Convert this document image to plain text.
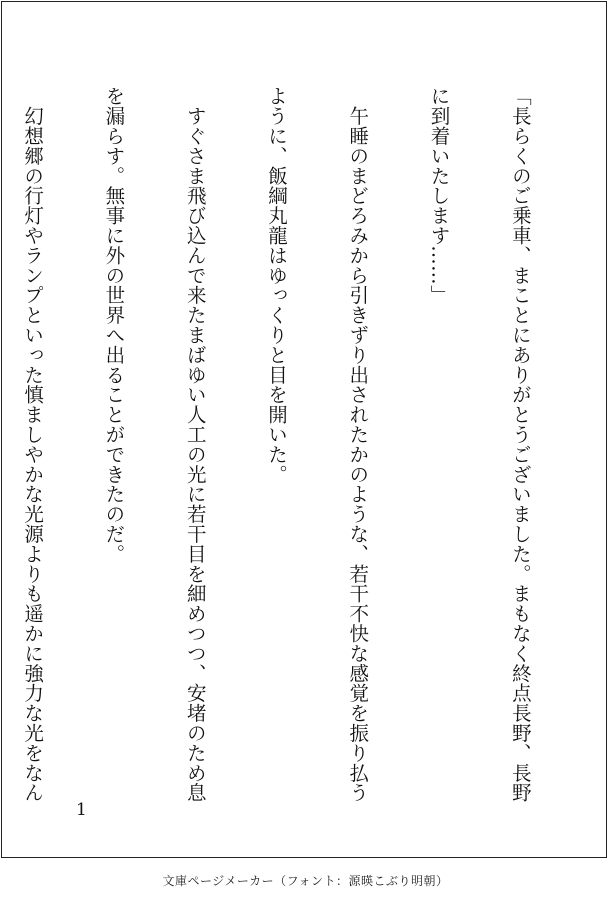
「長らくのご乗車、まことにありがとうございました。まもなく終点長野、長野

に到着いたします……」

　午睡のまどろみから引きずり出されたかのような、若干不快な感覚を振り払う

ように、飯綱丸龍はゆっくりと目を開いた。

　すぐさま飛び込んで来たまばゆい人工の光に若干目を細めつつ、安堵のため息

を漏らす。無事に外の世界へ出ることができたのだ。

　幻想郷の行灯やランプといった慎ましやかな光源よりも遥かに強力な光をなん

1
文庫ページメーカー（フォント：源暎こぶり明朝）
